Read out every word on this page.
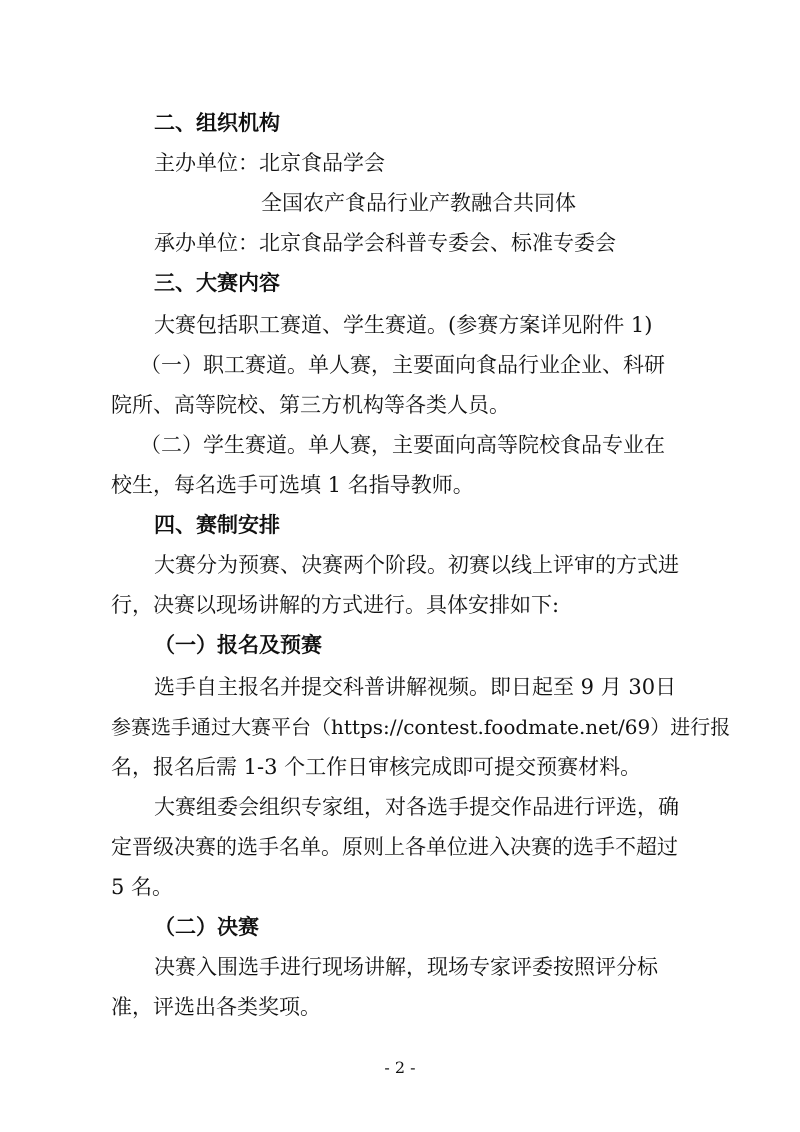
二、组织机构

主办单位：北京食品学会

全国农产食品行业产教融合共同体

承办单位：北京食品学会科普专委会、标准专委会

三、大赛内容

大赛包括职工赛道、学生赛道。(参赛方案详见附件 1)

（一）职工赛道。单人赛，主要面向食品行业企业、科研

院所、高等院校、第三方机构等各类人员。

（二）学生赛道。单人赛，主要面向高等院校食品专业在

校生，每名选手可选填 1 名指导教师。

四、赛制安排

大赛分为预赛、决赛两个阶段。初赛以线上评审的方式进

行，决赛以现场讲解的方式进行。具体安排如下:

（一）报名及预赛

选手自主报名并提交科普讲解视频。即日起至 9 月 30日

参赛选手通过大赛平台（https://contest.foodmate.net/69）进行报

名，报名后需 1-3 个工作日审核完成即可提交预赛材料。

大赛组委会组织专家组，对各选手提交作品进行评选，确

定晋级决赛的选手名单。原则上各单位进入决赛的选手不超过

5 名。

（二）决赛

决赛入围选手进行现场讲解，现场专家评委按照评分标

准，评选出各类奖项。

- 2 -
